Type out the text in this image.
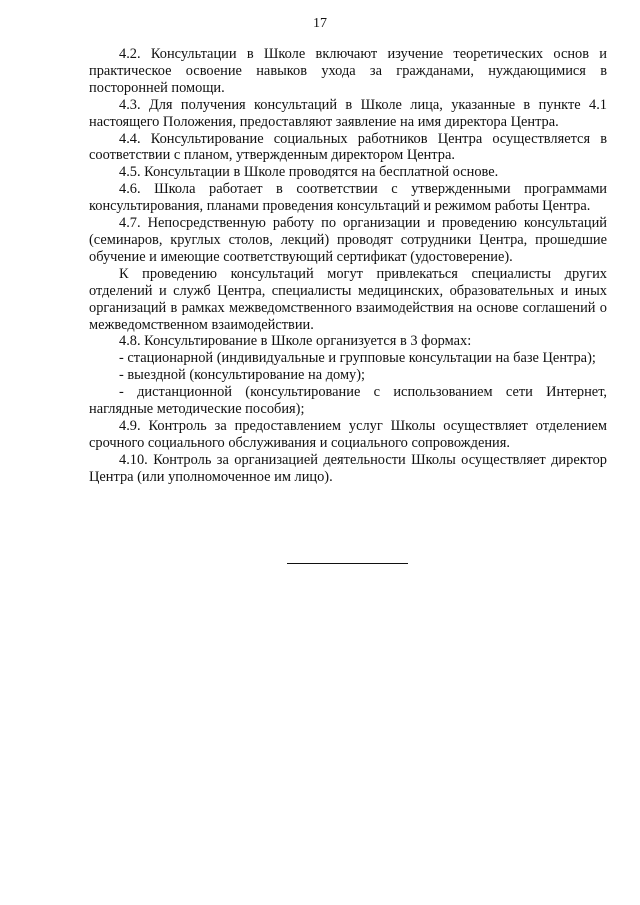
17

4.2. Консультации в Школе включают изучение теоретических основ и практическое освоение навыков ухода за гражданами, нуждающимися в посторонней помощи.

4.3. Для получения консультаций в Школе лица, указанные в пункте 4.1 настоящего Положения, предоставляют заявление на имя директора Центра.

4.4. Консультирование социальных работников Центра осуществляется в соответствии с планом, утвержденным директором Центра.

4.5. Консультации в Школе проводятся на бесплатной основе.

4.6. Школа работает в соответствии с утвержденными программами консультирования, планами проведения консультаций и режимом работы Центра.

4.7. Непосредственную работу по организации и проведению консультаций (семинаров, круглых столов, лекций) проводят сотрудники Центра, прошедшие обучение и имеющие соответствующий сертификат (удостоверение).

К проведению консультаций могут привлекаться специалисты других отделений и служб Центра, специалисты медицинских, образовательных и иных организаций в рамках межведомственного взаимодействия на основе соглашений о межведомственном взаимодействии.

4.8. Консультирование в Школе организуется в 3 формах:

- стационарной (индивидуальные и групповые консультации на базе Центра);

- выездной (консультирование на дому);

- дистанционной (консультирование с использованием сети Интернет, наглядные методические пособия);

4.9. Контроль за предоставлением услуг Школы осуществляет отделением срочного социального обслуживания и социального сопровождения.

4.10. Контроль за организацией деятельности Школы осуществляет директор Центра (или уполномоченное им лицо).
